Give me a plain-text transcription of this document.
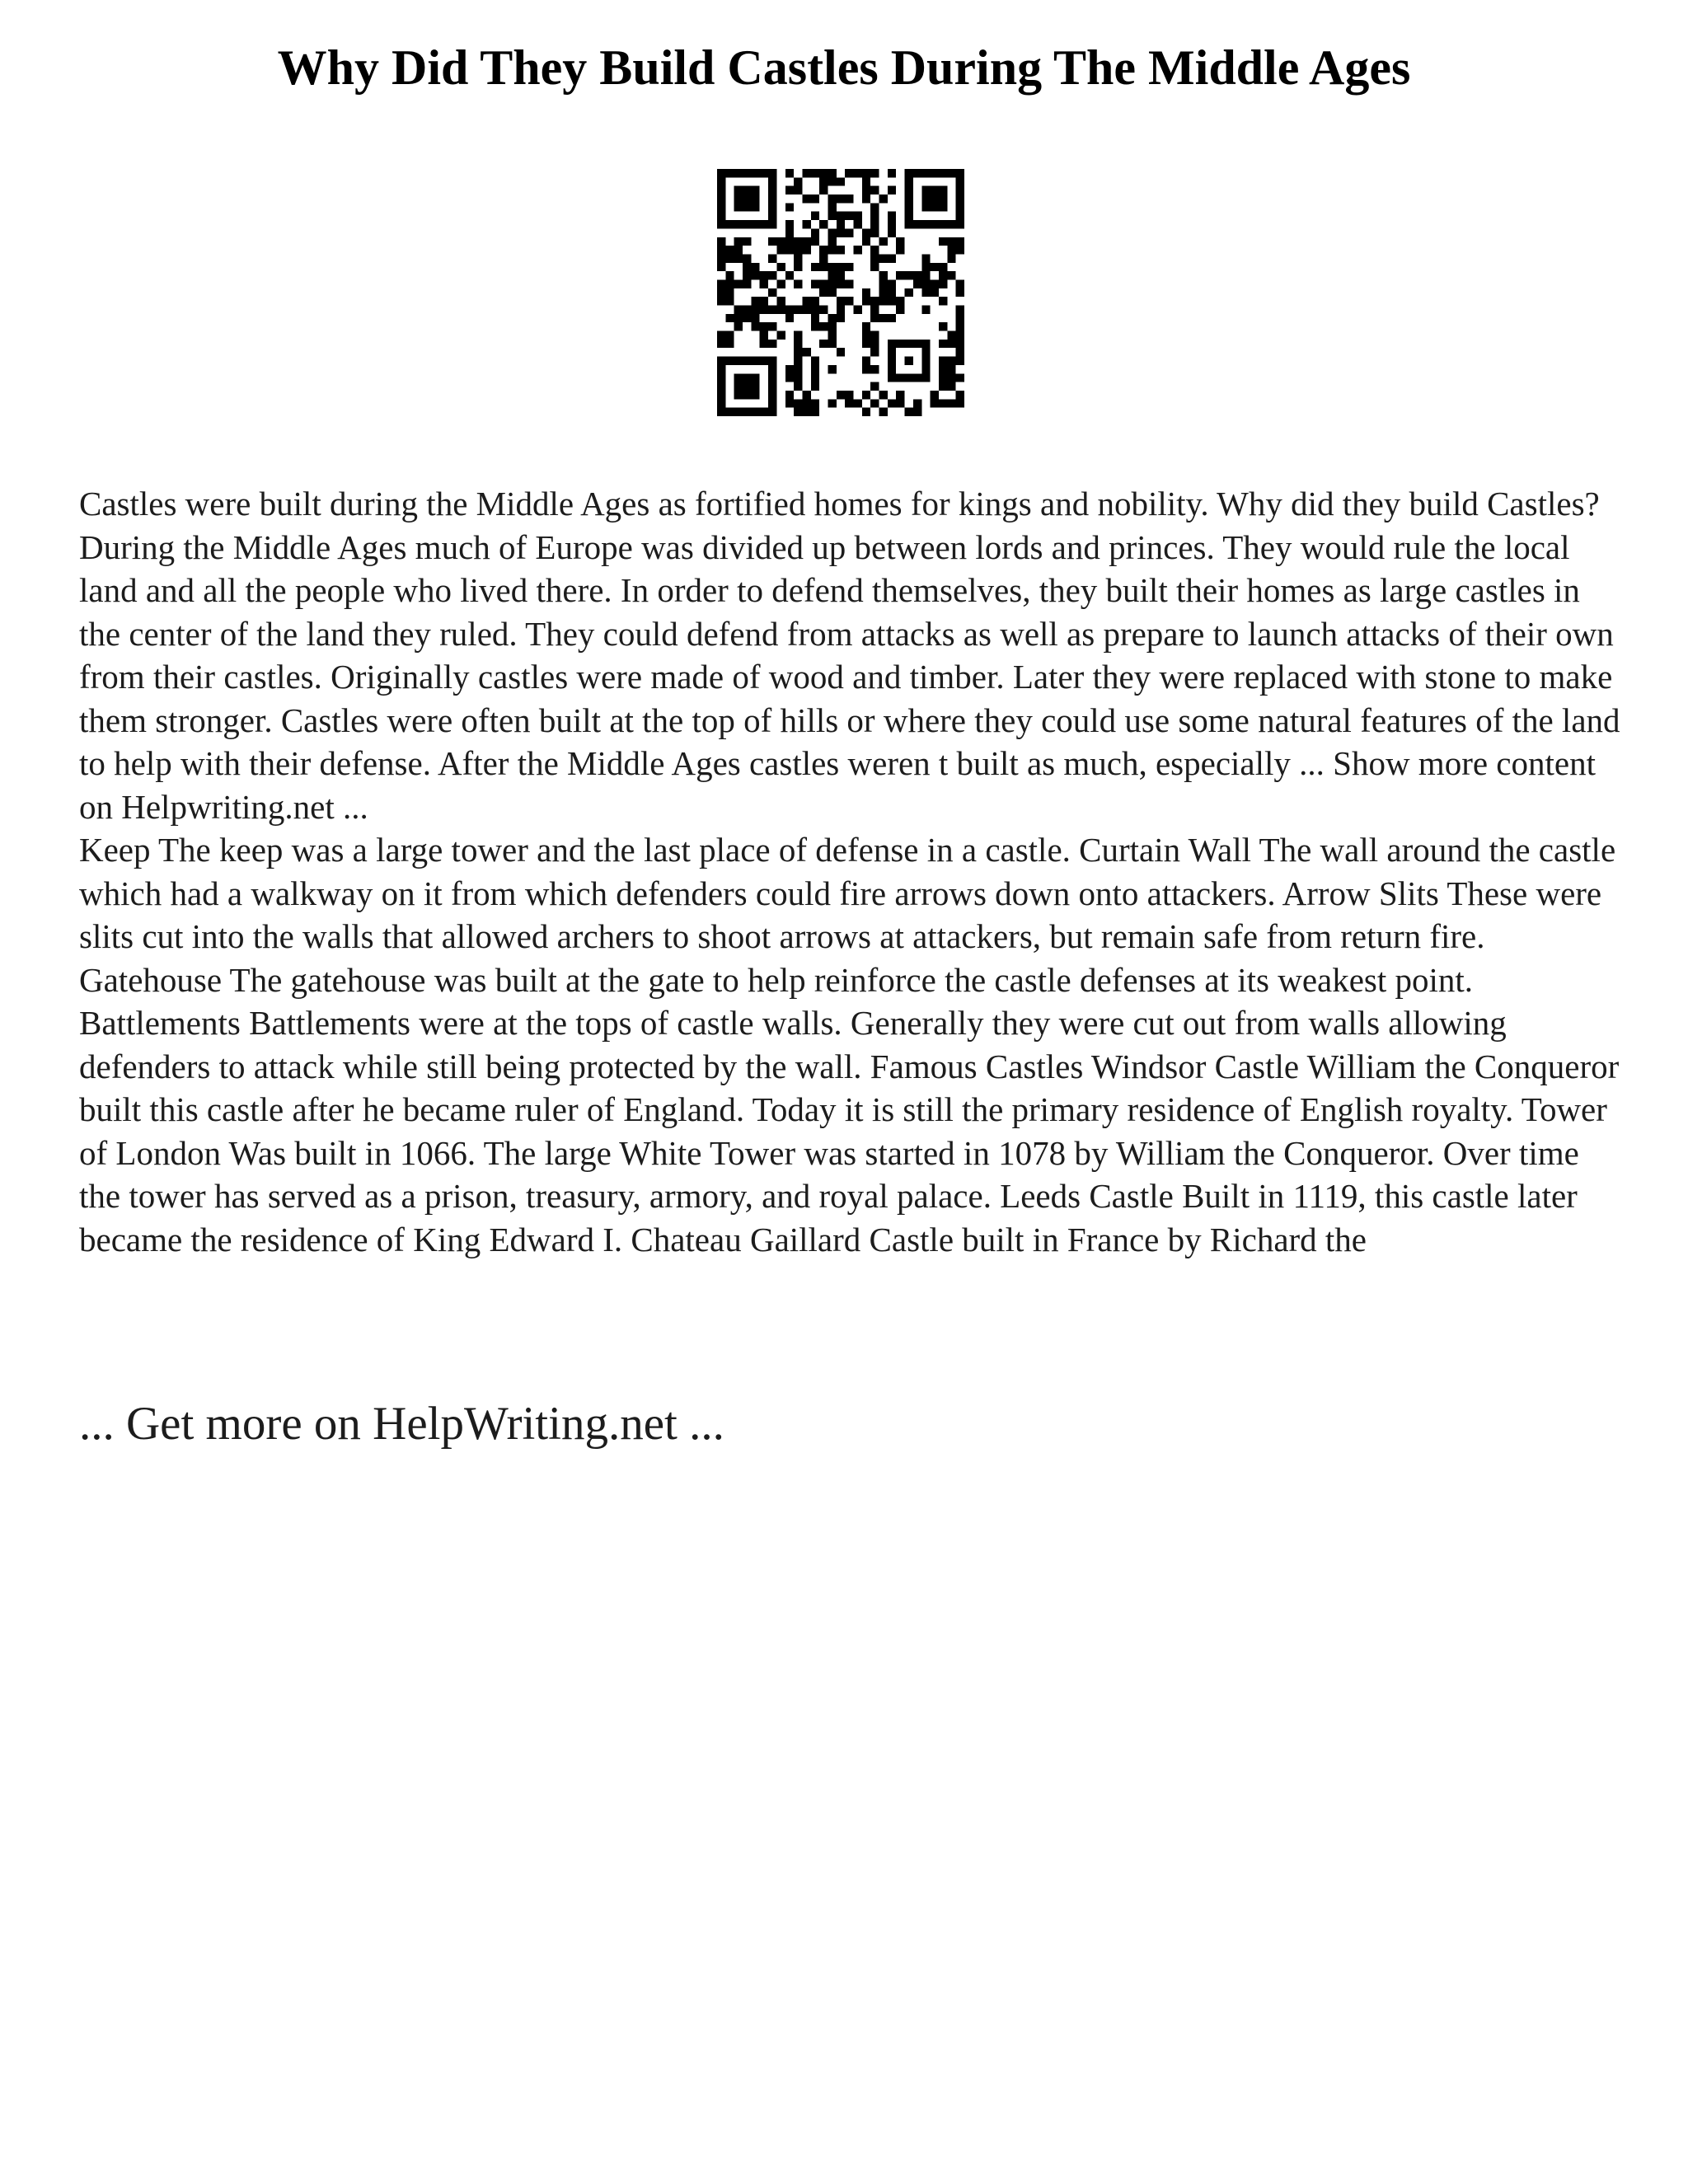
Why Did They Build Castles During The Middle Ages

Castles were built during the Middle Ages as fortified homes for kings and nobility. Why did they build Castles? During the Middle Ages much of Europe was divided up between lords and princes. They would rule the local land and all the people who lived there. In order to defend themselves, they built their homes as large castles in the center of the land they ruled. They could defend from attacks as well as prepare to launch attacks of their own from their castles. Originally castles were made of wood and timber. Later they were replaced with stone to make them stronger. Castles were often built at the top of hills or where they could use some natural features of the land to help with their defense. After the Middle Ages castles weren t built as much, especially ... Show more content on Helpwriting.net ...

Keep The keep was a large tower and the last place of defense in a castle. Curtain Wall The wall around the castle which had a walkway on it from which defenders could fire arrows down onto attackers. Arrow Slits These were slits cut into the walls that allowed archers to shoot arrows at attackers, but remain safe from return fire. Gatehouse The gatehouse was built at the gate to help reinforce the castle defenses at its weakest point. Battlements Battlements were at the tops of castle walls. Generally they were cut out from walls allowing defenders to attack while still being protected by the wall. Famous Castles Windsor Castle William the Conqueror built this castle after he became ruler of England. Today it is still the primary residence of English royalty. Tower of London Was built in 1066. The large White Tower was started in 1078 by William the Conqueror. Over time the tower has served as a prison, treasury, armory, and royal palace. Leeds Castle Built in 1119, this castle later became the residence of King Edward I. Chateau Gaillard Castle built in France by Richard the

... Get more on HelpWriting.net ...
